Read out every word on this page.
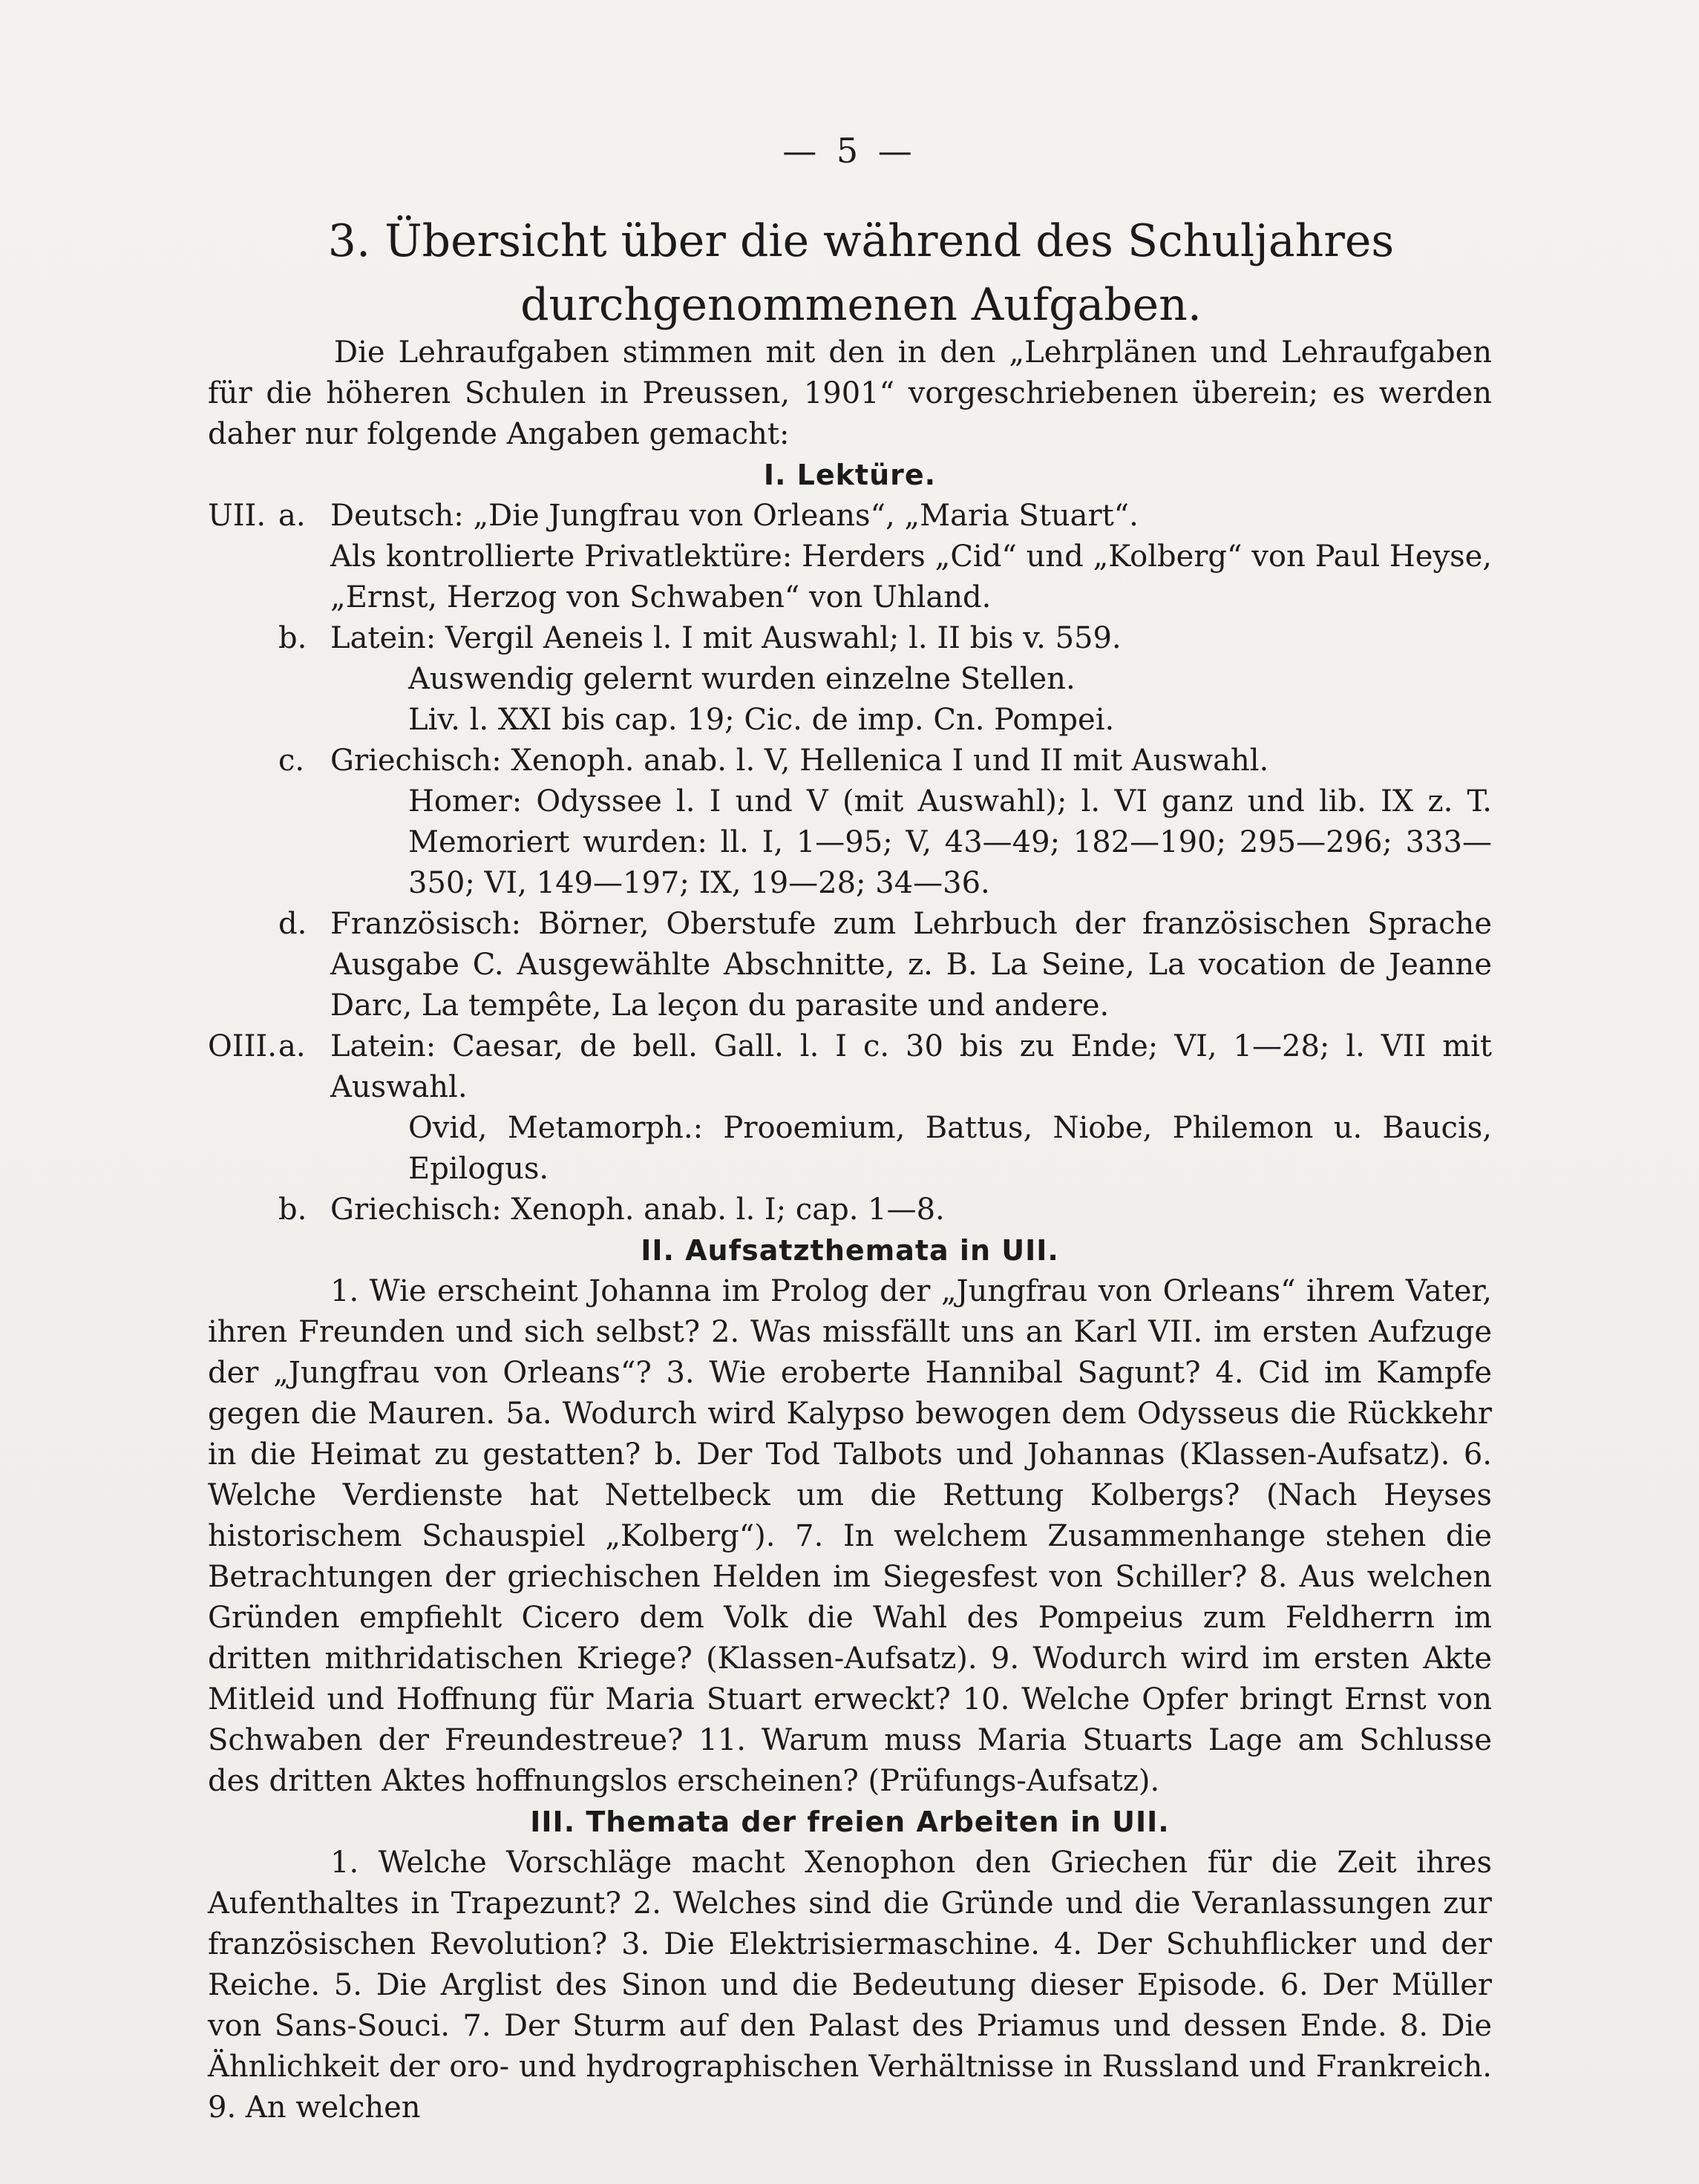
— 5 —
3. Übersicht über die während des Schuljahres
durchgenommenen Aufgaben.

Die Lehraufgaben stimmen mit den in den „Lehrplänen und Lehraufgaben für die höheren Schulen in Preussen, 1901“ vorgeschriebenen überein; es werden daher nur folgende Angaben gemacht:

I. Lektüre.
UII. a. Deutsch: „Die Jungfrau von Orleans“, „Maria Stuart“.

Als kontrollierte Privatlektüre: Herders „Cid“ und „Kolberg“ von Paul Heyse, „Ernst, Herzog von Schwaben“ von Uhland.

b. Latein: Vergil Aeneis l. I mit Auswahl; l. II bis v. 559.

Auswendig gelernt wurden einzelne Stellen.

Liv. l. XXI bis cap. 19; Cic. de imp. Cn. Pompei.

c. Griechisch: Xenoph. anab. l. V, Hellenica I und II mit Auswahl.

Homer: Odyssee l. I und V (mit Auswahl); l. VI ganz und lib. IX z. T. Memoriert wurden: ll. I, 1—95; V, 43—49; 182—190; 295—296; 333—350; VI, 149—197; IX, 19—28; 34—36.

d. Französisch: Börner, Oberstufe zum Lehrbuch der französischen Sprache Ausgabe C. Ausgewählte Abschnitte, z. B. La Seine, La vocation de Jeanne Darc, La tempête, La leçon du parasite und andere.
OIII. a. Latein: Caesar, de bell. Gall. l. I c. 30 bis zu Ende; VI, 1—28; l. VII mit Auswahl.

Ovid, Metamorph.: Prooemium, Battus, Niobe, Philemon u. Baucis, Epilogus.

b. Griechisch: Xenoph. anab. l. I; cap. 1—8.
II. Aufsatzthemata in UII.

1. Wie erscheint Johanna im Prolog der „Jungfrau von Orleans“ ihrem Vater, ihren Freunden und sich selbst? 2. Was missfällt uns an Karl VII. im ersten Aufzuge der „Jungfrau von Orleans“? 3. Wie eroberte Hannibal Sagunt? 4. Cid im Kampfe gegen die Mauren. 5a. Wodurch wird Kalypso bewogen dem Odysseus die Rückkehr in die Heimat zu gestatten? b. Der Tod Talbots und Johannas (Klassen-Aufsatz). 6. Welche Verdienste hat Nettelbeck um die Rettung Kolbergs? (Nach Heyses historischem Schauspiel „Kolberg“). 7. In welchem Zusammenhange stehen die Betrachtungen der griechischen Helden im Siegesfest von Schiller? 8. Aus welchen Gründen empfiehlt Cicero dem Volk die Wahl des Pompeius zum Feldherrn im dritten mithridatischen Kriege? (Klassen-Aufsatz). 9. Wodurch wird im ersten Akte Mitleid und Hoffnung für Maria Stuart erweckt? 10. Welche Opfer bringt Ernst von Schwaben der Freundestreue? 11. Warum muss Maria Stuarts Lage am Schlusse des dritten Aktes hoffnungslos erscheinen? (Prüfungs-Aufsatz).

III. Themata der freien Arbeiten in UII.

1. Welche Vorschläge macht Xenophon den Griechen für die Zeit ihres Aufenthaltes in Trapezunt? 2. Welches sind die Gründe und die Veranlassungen zur französischen Revolution? 3. Die Elektrisiermaschine. 4. Der Schuhflicker und der Reiche. 5. Die Arglist des Sinon und die Bedeutung dieser Episode. 6. Der Müller von Sans-Souci. 7. Der Sturm auf den Palast des Priamus und dessen Ende. 8. Die Ähnlichkeit der oro- und hydrographischen Verhältnisse in Russland und Frankreich. 9. An welchen
